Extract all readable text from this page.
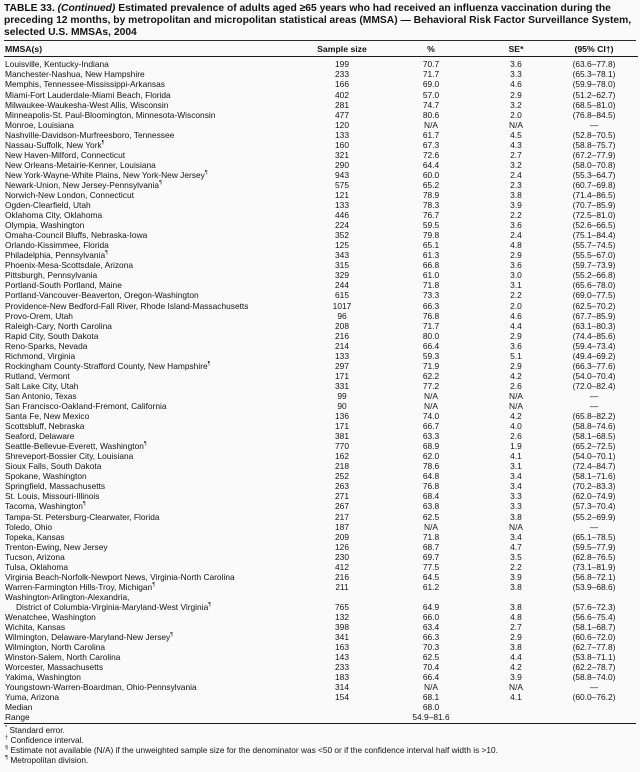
TABLE 33. (Continued) Estimated prevalence of adults aged ≥65 years who had received an influenza vaccination during the preceding 12 months, by metropolitan and micropolitan statistical areas (MMSA) — Behavioral Risk Factor Surveillance System, selected U.S. MMSAs, 2004
MMSA(s)	Sample size	%	SE*	(95% CI†)

Louisville, Kentucky-Indiana	199	70.7	3.6	(63.6–77.8)

Manchester-Nashua, New Hampshire	233	71.7	3.3	(65.3–78.1)

Memphis, Tennessee-Mississippi-Arkansas	166	69.0	4.6	(59.9–78.0)

Miami-Fort Lauderdale-Miami Beach, Florida	402	57.0	2.9	(51.2–62.7)

Milwaukee-Waukesha-West Allis, Wisconsin	281	74.7	3.2	(68.5–81.0)

Minneapolis-St. Paul-Bloomington, Minnesota-Wisconsin	477	80.6	2.0	(76.8–84.5)

Monroe, Louisiana	120	N/A	N/A	—

Nashville-Davidson-Murfreesboro, Tennessee	133	61.7	4.5	(52.8–70.5)

Nassau-Suffolk, New York¶	160	67.3	4.3	(58.8–75.7)

New Haven-Milford, Connecticut	321	72.6	2.7	(67.2–77.9)

New Orleans-Metairie-Kenner, Louisiana	290	64.4	3.2	(58.0–70.8)

New York-Wayne-White Plains, New York-New Jersey¶	943	60.0	2.4	(55.3–64.7)

Newark-Union, New Jersey-Pennsylvania¶	575	65.2	2.3	(60.7–69.8)

Norwich-New London, Connecticut	121	78.9	3.8	(71.4–86.5)

Ogden-Clearfield, Utah	133	78.3	3.9	(70.7–85.9)

Oklahoma City, Oklahoma	446	76.7	2.2	(72.5–81.0)

Olympia, Washington	224	59.5	3.6	(52.6–66.5)

Omaha-Council Bluffs, Nebraska-Iowa	352	79.8	2.4	(75.1–84.4)

Orlando-Kissimmee, Florida	125	65.1	4.8	(55.7–74.5)

Philadelphia, Pennsylvania¶	343	61.3	2.9	(55.5–67.0)

Phoenix-Mesa-Scottsdale, Arizona	315	66.8	3.6	(59.7–73.9)

Pittsburgh, Pennsylvania	329	61.0	3.0	(55.2–66.8)

Portland-South Portland, Maine	244	71.8	3.1	(65.6–78.0)

Portland-Vancouver-Beaverton, Oregon-Washington	615	73.3	2.2	(69.0–77.5)

Providence-New Bedford-Fall River, Rhode Island-Massachusetts	1017	66.3	2.0	(62.5–70.2)

Provo-Orem, Utah	96	76.8	4.6	(67.7–85.9)

Raleigh-Cary, North Carolina	208	71.7	4.4	(63.1–80.3)

Rapid City, South Dakota	216	80.0	2.9	(74.4–85.6)

Reno-Sparks, Nevada	214	66.4	3.6	(59.4–73.4)

Richmond, Virginia	133	59.3	5.1	(49.4–69.2)

Rockingham County-Strafford County, New Hampshire¶	297	71.9	2.9	(66.3–77.6)

Rutland, Vermont	171	62.2	4.2	(54.0–70.4)

Salt Lake City, Utah	331	77.2	2.6	(72.0–82.4)

San Antonio, Texas	99	N/A	N/A	—

San Francisco-Oakland-Fremont, California	90	N/A	N/A	—

Santa Fe, New Mexico	136	74.0	4.2	(65.8–82.2)

Scottsbluff, Nebraska	171	66.7	4.0	(58.8–74.6)

Seaford, Delaware	381	63.3	2.6	(58.1–68.5)

Seattle-Bellevue-Everett, Washington¶	770	68.9	1.9	(65.2–72.5)

Shreveport-Bossier City, Louisiana	162	62.0	4.1	(54.0–70.1)

Sioux Falls, South Dakota	218	78.6	3.1	(72.4–84.7)

Spokane, Washington	252	64.8	3.4	(58.1–71.6)

Springfield, Massachusetts	263	76.8	3.4	(70.2–83.3)

St. Louis, Missouri-Illinois	271	68.4	3.3	(62.0–74.9)

Tacoma, Washington¶	267	63.8	3.3	(57.3–70.4)

Tampa-St. Petersburg-Clearwater, Florida	217	62.5	3.8	(55.2–69.9)

Toledo, Ohio	187	N/A	N/A	—

Topeka, Kansas	209	71.8	3.4	(65.1–78.5)

Trenton-Ewing, New Jersey	126	68.7	4.7	(59.5–77.9)

Tucson, Arizona	230	69.7	3.5	(62.8–76.5)

Tulsa, Oklahoma	412	77.5	2.2	(73.1–81.9)

Virginia Beach-Norfolk-Newport News, Virginia-North Carolina	216	64.5	3.9	(56.8–72.1)

Warren-Farmington Hills-Troy, Michigan¶	211	61.2	3.8	(53.9–68.6)

Washington-Arlington-Alexandria,
District of Columbia-Virginia-Maryland-West Virginia¶	765	64.9	3.8	(57.6–72.3)

Wenatchee, Washington	132	66.0	4.8	(56.6–75.4)

Wichita, Kansas	398	63.4	2.7	(58.1–68.7)

Wilmington, Delaware-Maryland-New Jersey¶	341	66.3	2.9	(60.6–72.0)

Wilmington, North Carolina	163	70.3	3.8	(62.7–77.8)

Winston-Salem, North Carolina	143	62.5	4.4	(53.8–71.1)

Worcester, Massachusetts	233	70.4	4.2	(62.2–78.7)

Yakima, Washington	183	66.4	3.9	(58.8–74.0)

Youngstown-Warren-Boardman, Ohio-Pennsylvania	314	N/A	N/A	—

Yuma, Arizona	154	68.1	4.1	(60.0–76.2)

Median		68.0		

Range		54.9–81.6		
* Standard error.
† Confidence interval.
§ Estimate not available (N/A) if the unweighted sample size for the denominator was <50 or if the confidence interval half width is >10.
¶ Metropolitan division.
